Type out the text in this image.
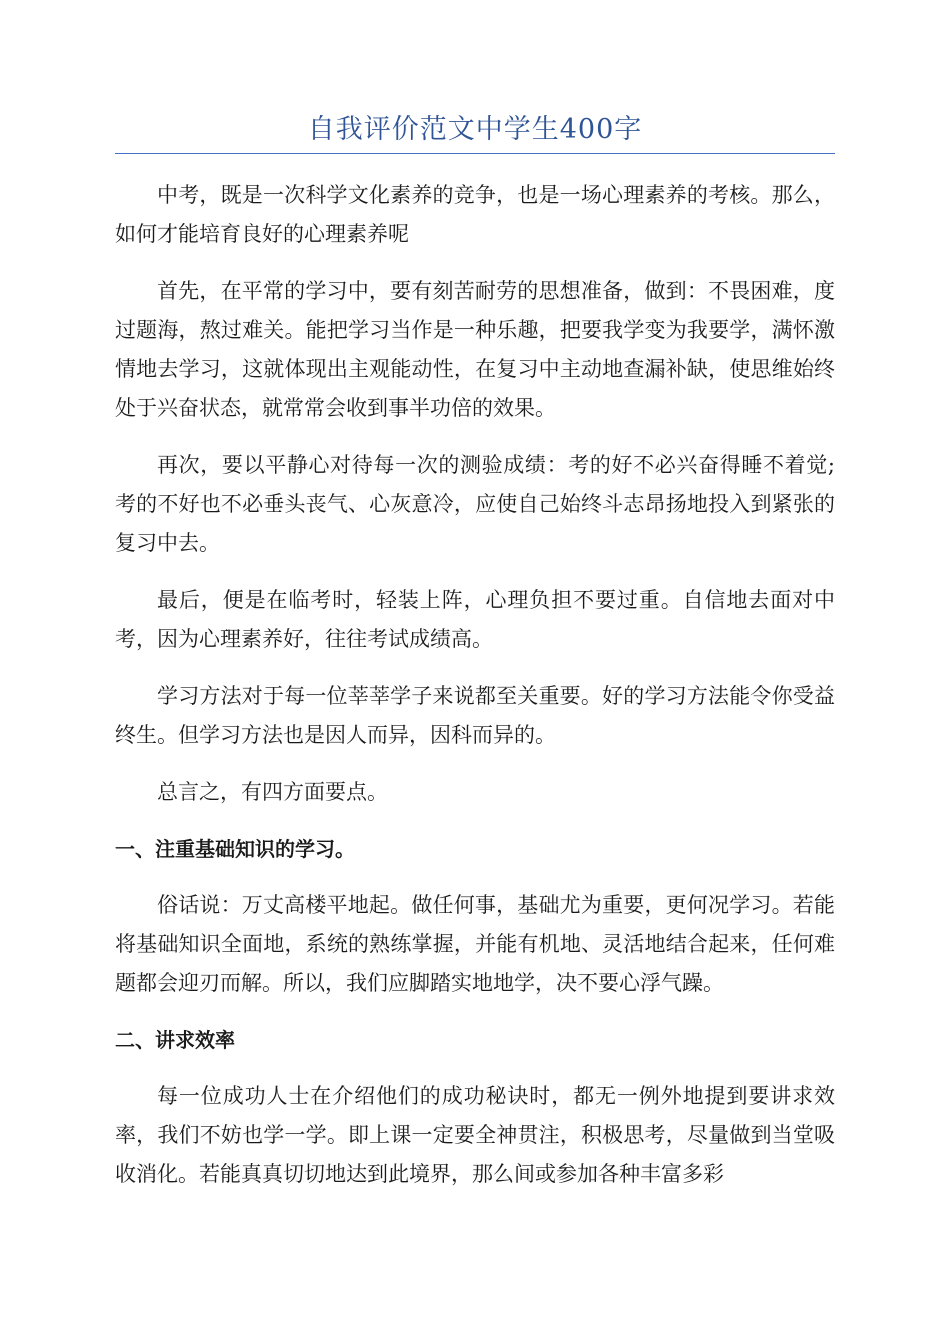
自我评价范文中学生400字

中考，既是一次科学文化素养的竞争，也是一场心理素养的考核。那么，如何才能培育良好的心理素养呢

首先，在平常的学习中，要有刻苦耐劳的思想准备，做到：不畏困难，度过题海，熬过难关。能把学习当作是一种乐趣，把要我学变为我要学，满怀激情地去学习，这就体现出主观能动性，在复习中主动地查漏补缺，使思维始终处于兴奋状态，就常常会收到事半功倍的效果。

再次，要以平静心对待每一次的测验成绩：考的好不必兴奋得睡不着觉;考的不好也不必垂头丧气、心灰意冷，应使自己始终斗志昂扬地投入到紧张的复习中去。

最后，便是在临考时，轻装上阵，心理负担不要过重。自信地去面对中考，因为心理素养好，往往考试成绩高。

学习方法对于每一位莘莘学子来说都至关重要。好的学习方法能令你受益终生。但学习方法也是因人而异，因科而异的。

总言之，有四方面要点。

一、注重基础知识的学习。

俗话说：万丈高楼平地起。做任何事，基础尤为重要，更何况学习。若能将基础知识全面地，系统的熟练掌握，并能有机地、灵活地结合起来，任何难题都会迎刃而解。所以，我们应脚踏实地地学，决不要心浮气躁。

二、讲求效率

每一位成功人士在介绍他们的成功秘诀时，都无一例外地提到要讲求效率，我们不妨也学一学。即上课一定要全神贯注，积极思考，尽量做到当堂吸收消化。若能真真切切地达到此境界，那么间或参加各种丰富多彩
